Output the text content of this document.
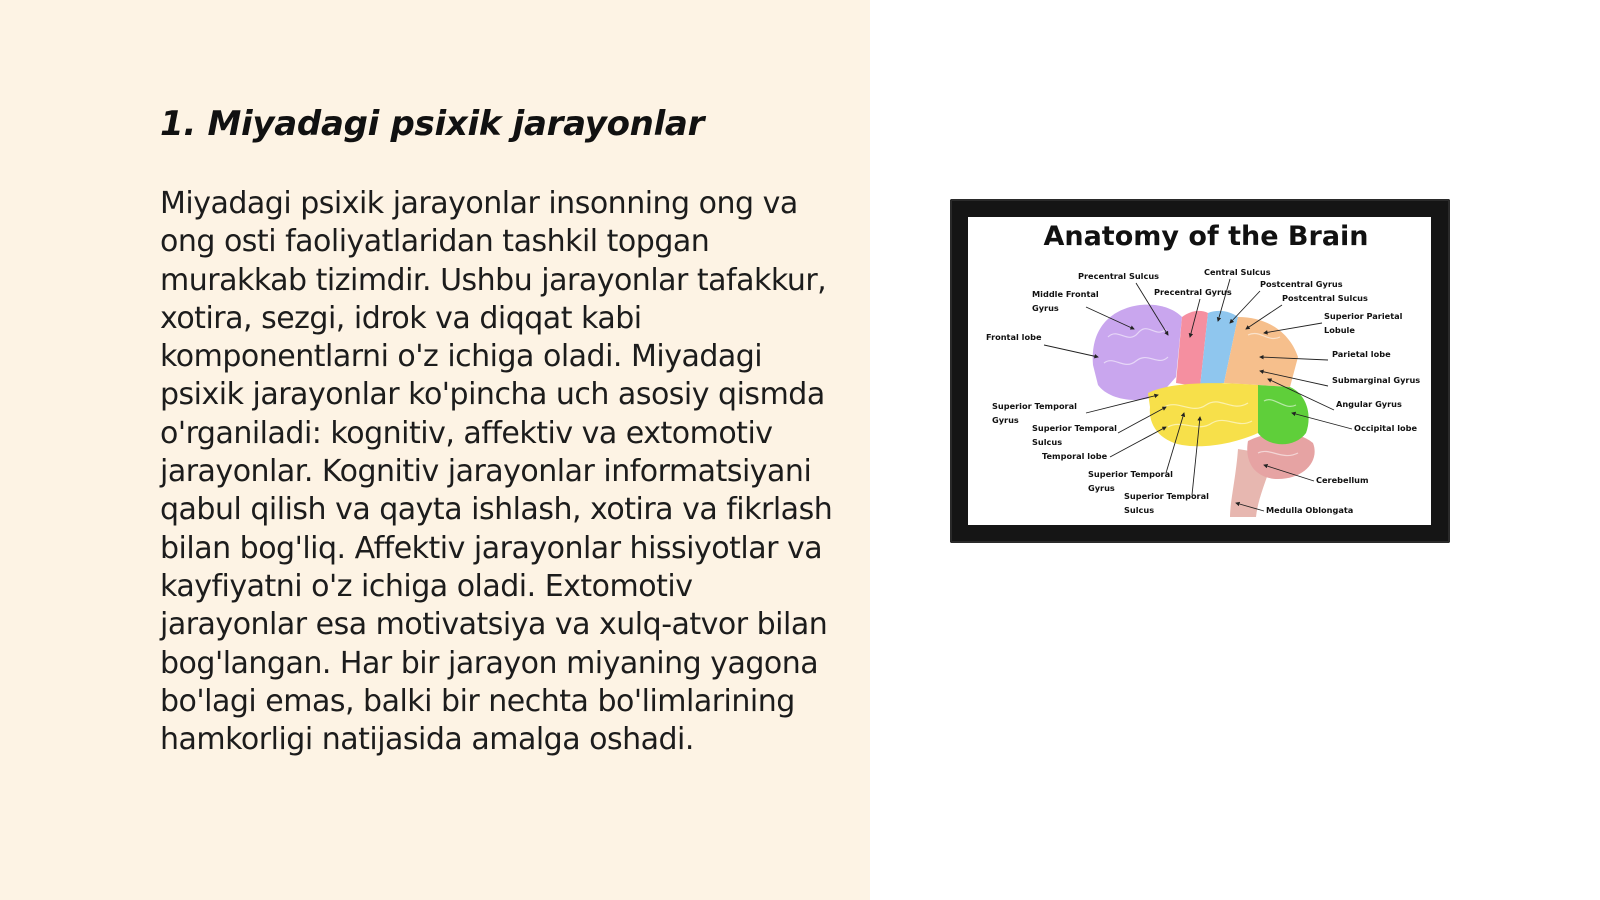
1. Miyadagi psixik jarayonlar

Miyadagi psixik jarayonlar insonning ong va ong osti faoliyatlaridan tashkil topgan murakkab tizimdir. Ushbu jarayonlar tafakkur, xotira, sezgi, idrok va diqqat kabi komponentlarni o'z ichiga oladi. Miyadagi psixik jarayonlar ko'pincha uch asosiy qismda o'rganiladi: kognitiv, affektiv va extomotiv jarayonlar. Kognitiv jarayonlar informatsiyani qabul qilish va qayta ishlash, xotira va fikrlash bilan bog'liq. Affektiv jarayonlar hissiyotlar va kayfiyatni o'z ichiga oladi. Extomotiv jarayonlar esa motivatsiya va xulq-atvor bilan bog'langan. Har bir jarayon miyaning yagona bo'lagi emas, balki bir nechta bo'limlarining hamkorligi natijasida amalga oshadi.

Anatomy of the Brain
Precentral Sulcus	Central Sulcus
Postcentral Gyrus
Middle Frontal
Gyrus
Precentral Gyrus
Postcentral Sulcus
Superior Parietal
Lobule
Frontal lobe
Parietal lobe
Submarginal Gyrus
Angular Gyrus
Occipital lobe
Superior Temporal
Gyrus
Superior Temporal
Sulcus
Temporal lobe
Superior Temporal
Gyrus
Superior Temporal
Sulcus
Cerebellum
Medulla Oblongata
